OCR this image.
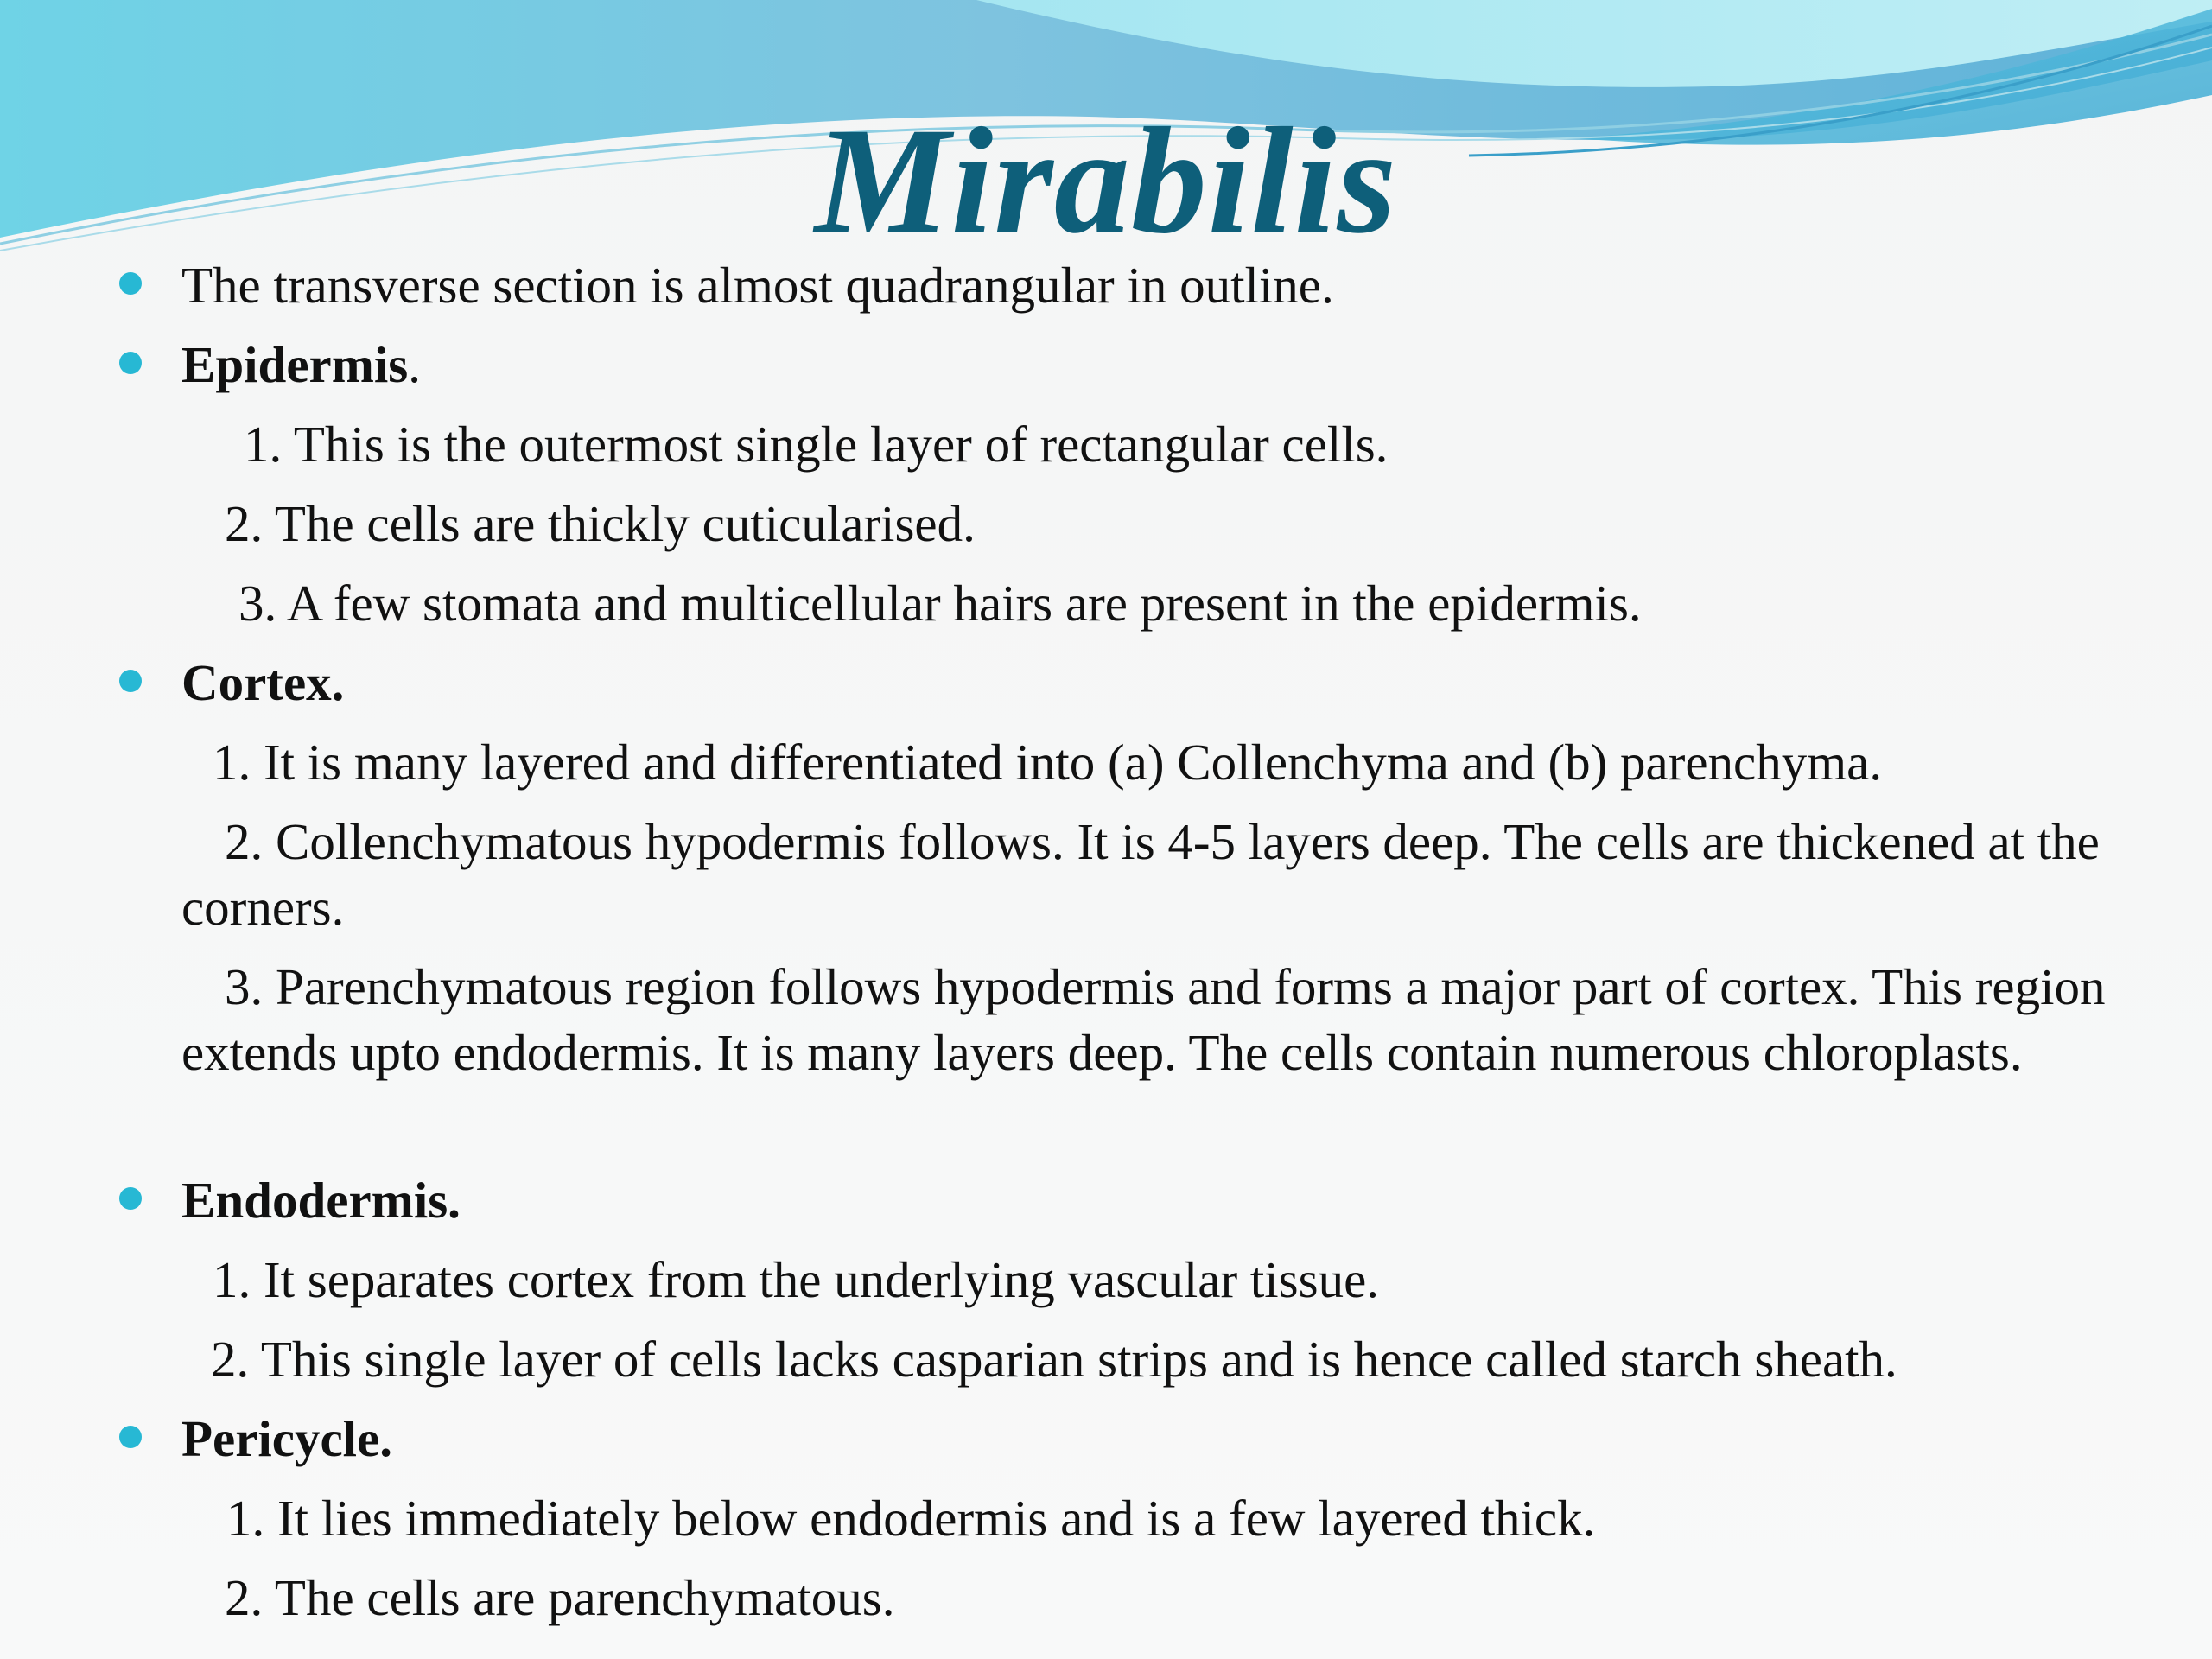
Mirabilis
The transverse section is almost quadrangular in outline.
Epidermis.
1. This is the outermost single layer of rectangular cells.
2. The cells are thickly cuticularised.
3. A few stomata and multicellular hairs are present in the epidermis.
Cortex.
1. It is many layered and differentiated into (a) Collenchyma and (b) parenchyma.
2. Collenchymatous hypodermis follows. It is 4-5 layers deep. The cells are thickened at the corners.
3. Parenchymatous region follows hypodermis and forms a major part of cortex. This region extends upto endodermis. It is many layers deep. The cells contain numerous chloroplasts.
Endodermis.
1. It separates cortex from the underlying vascular tissue.
2. This single layer of cells lacks casparian strips and is hence called starch sheath.
Pericycle.
1. It lies immediately below endodermis and is a few layered thick.
2. The cells are parenchymatous.
